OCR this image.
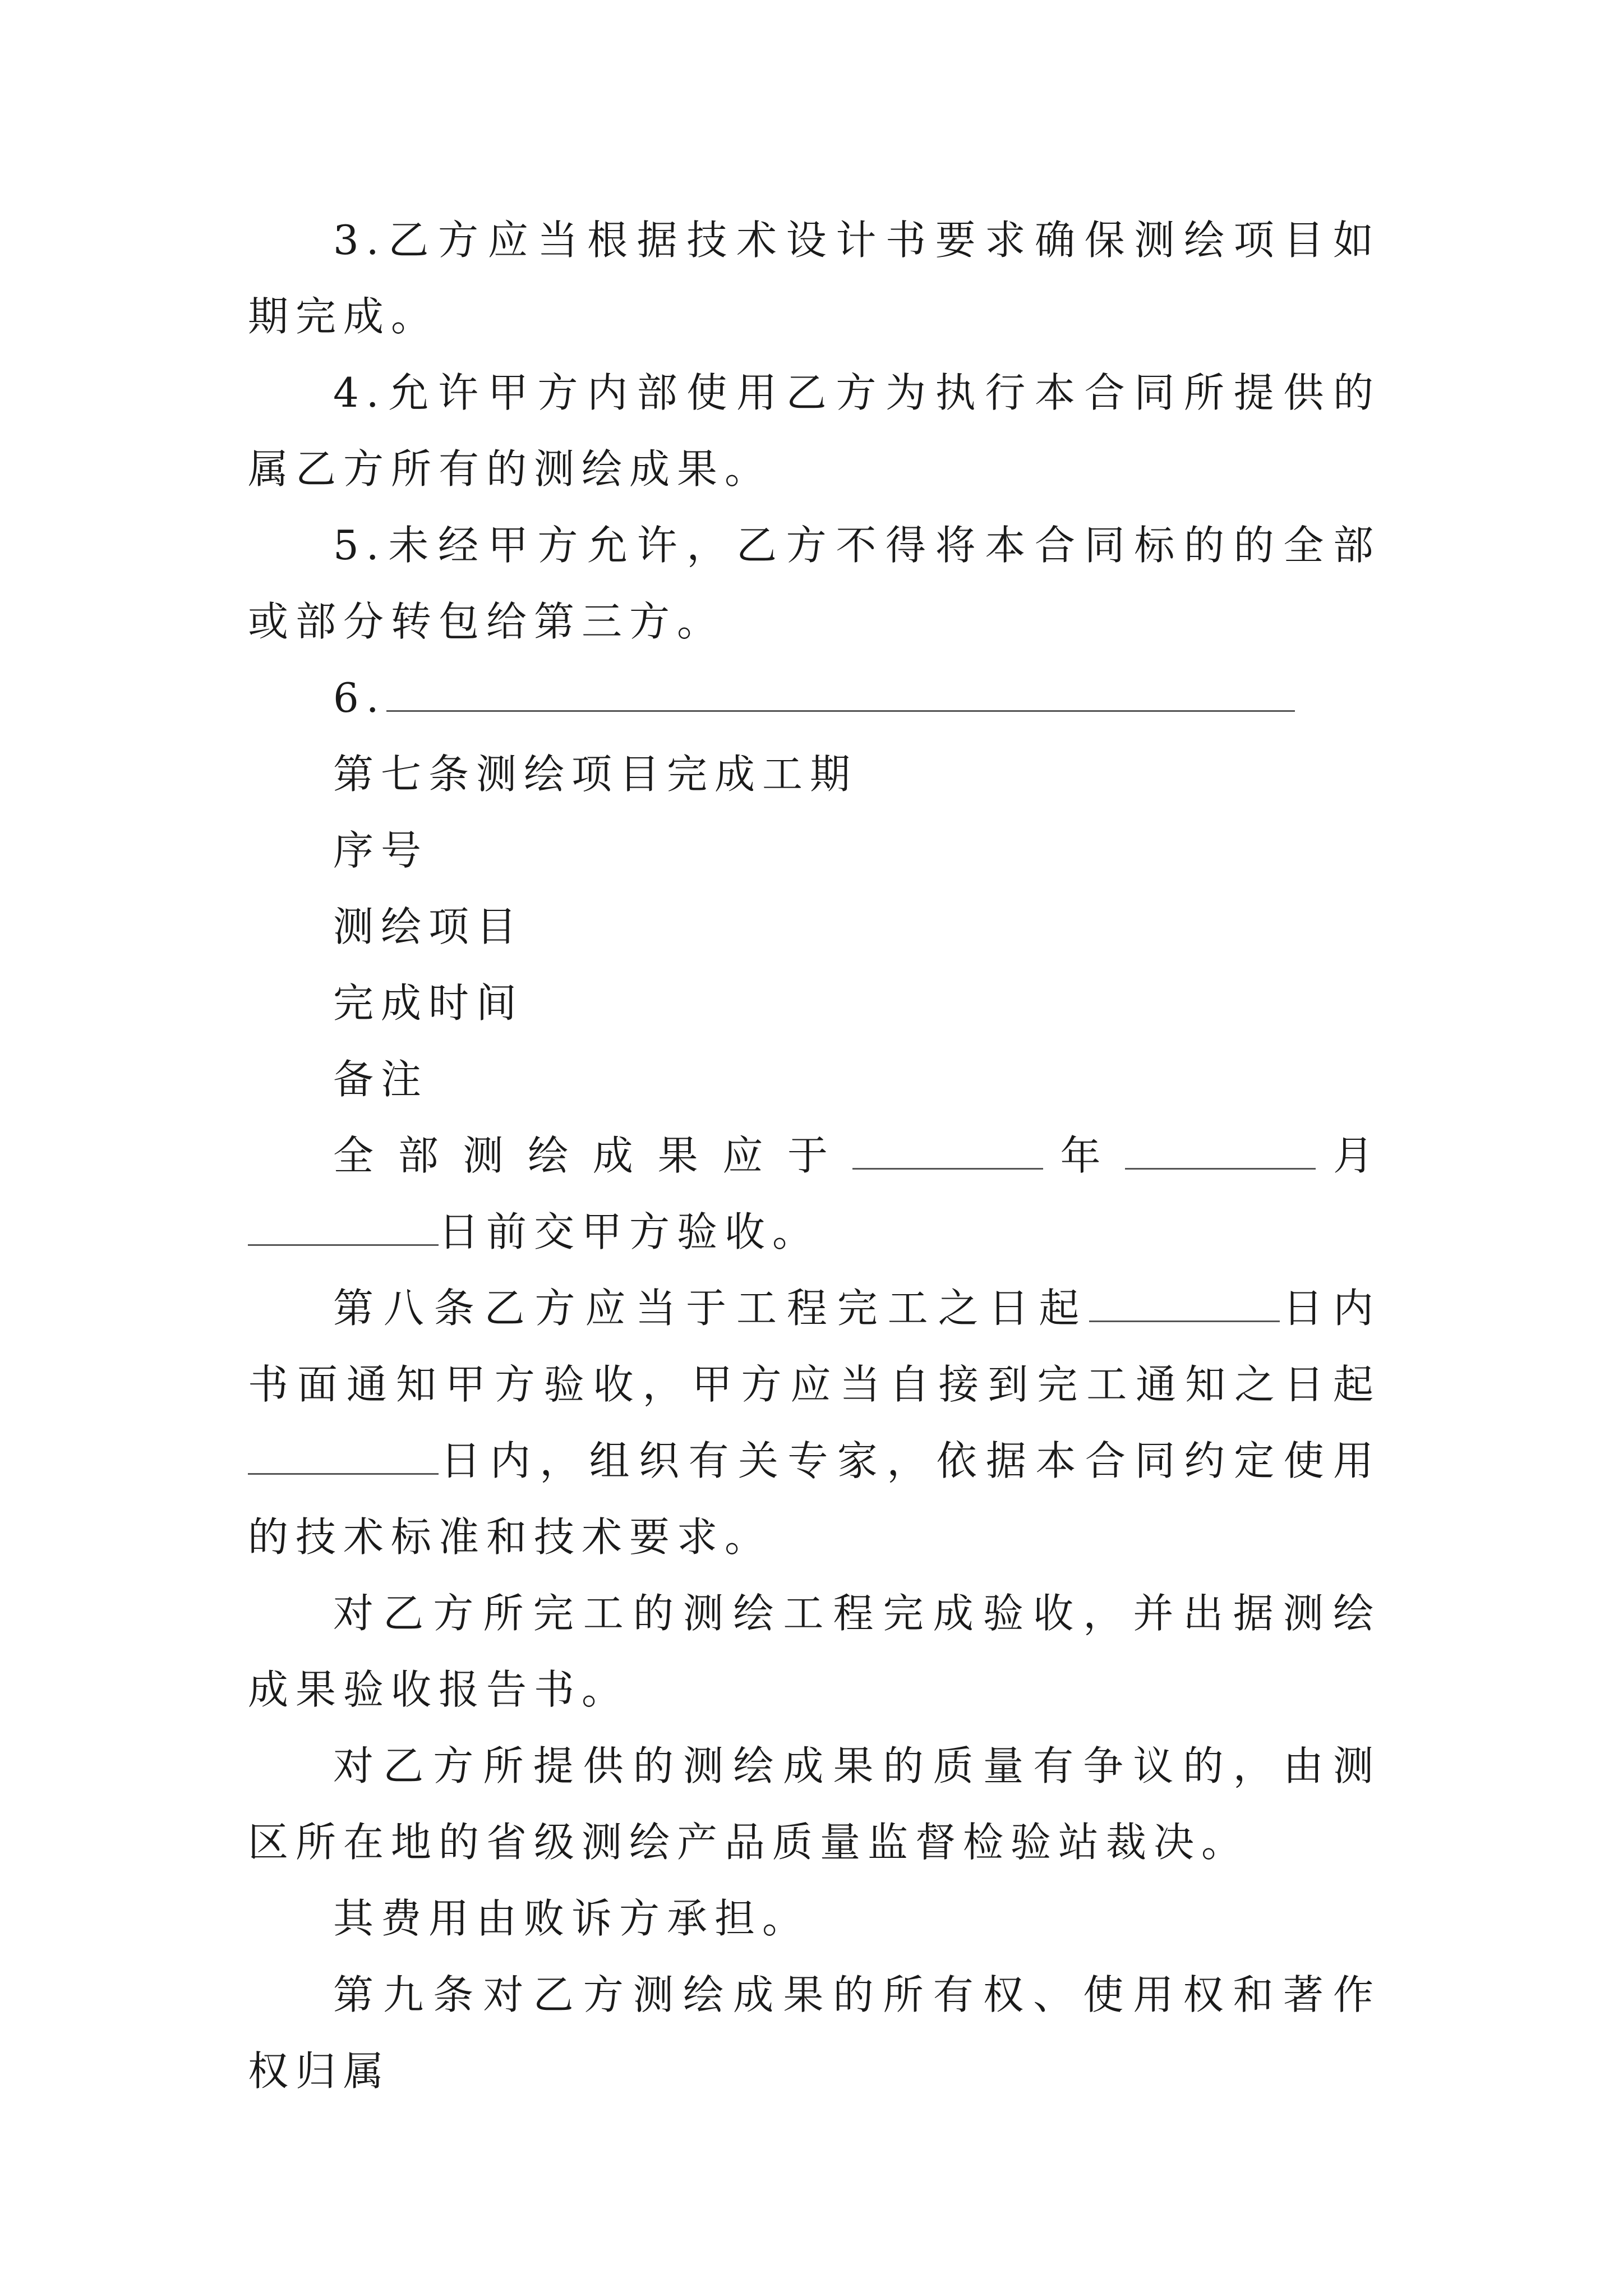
3.乙方应当根据技术设计书要求确保测绘项目如期完成。

4.允许甲方内部使用乙方为执行本合同所提供的属乙方所有的测绘成果。

5.未经甲方允许，乙方不得将本合同标的的全部或部分转包给第三方。

6.

第七条测绘项目完成工期

序号

测绘项目

完成时间

备注

全部测绘成果应于	年	月日前交甲方验收。

第八条乙方应当于工程完工之日起	日内书面通知甲方验收，甲方应当自接到完工通知之日起日内，组织有关专家，依据本合同约定使用的技术标准和技术要求。

对乙方所完工的测绘工程完成验收，并出据测绘成果验收报告书。

对乙方所提供的测绘成果的质量有争议的，由测区所在地的省级测绘产品质量监督检验站裁决。

其费用由败诉方承担。

第九条对乙方测绘成果的所有权、使用权和著作权归属
